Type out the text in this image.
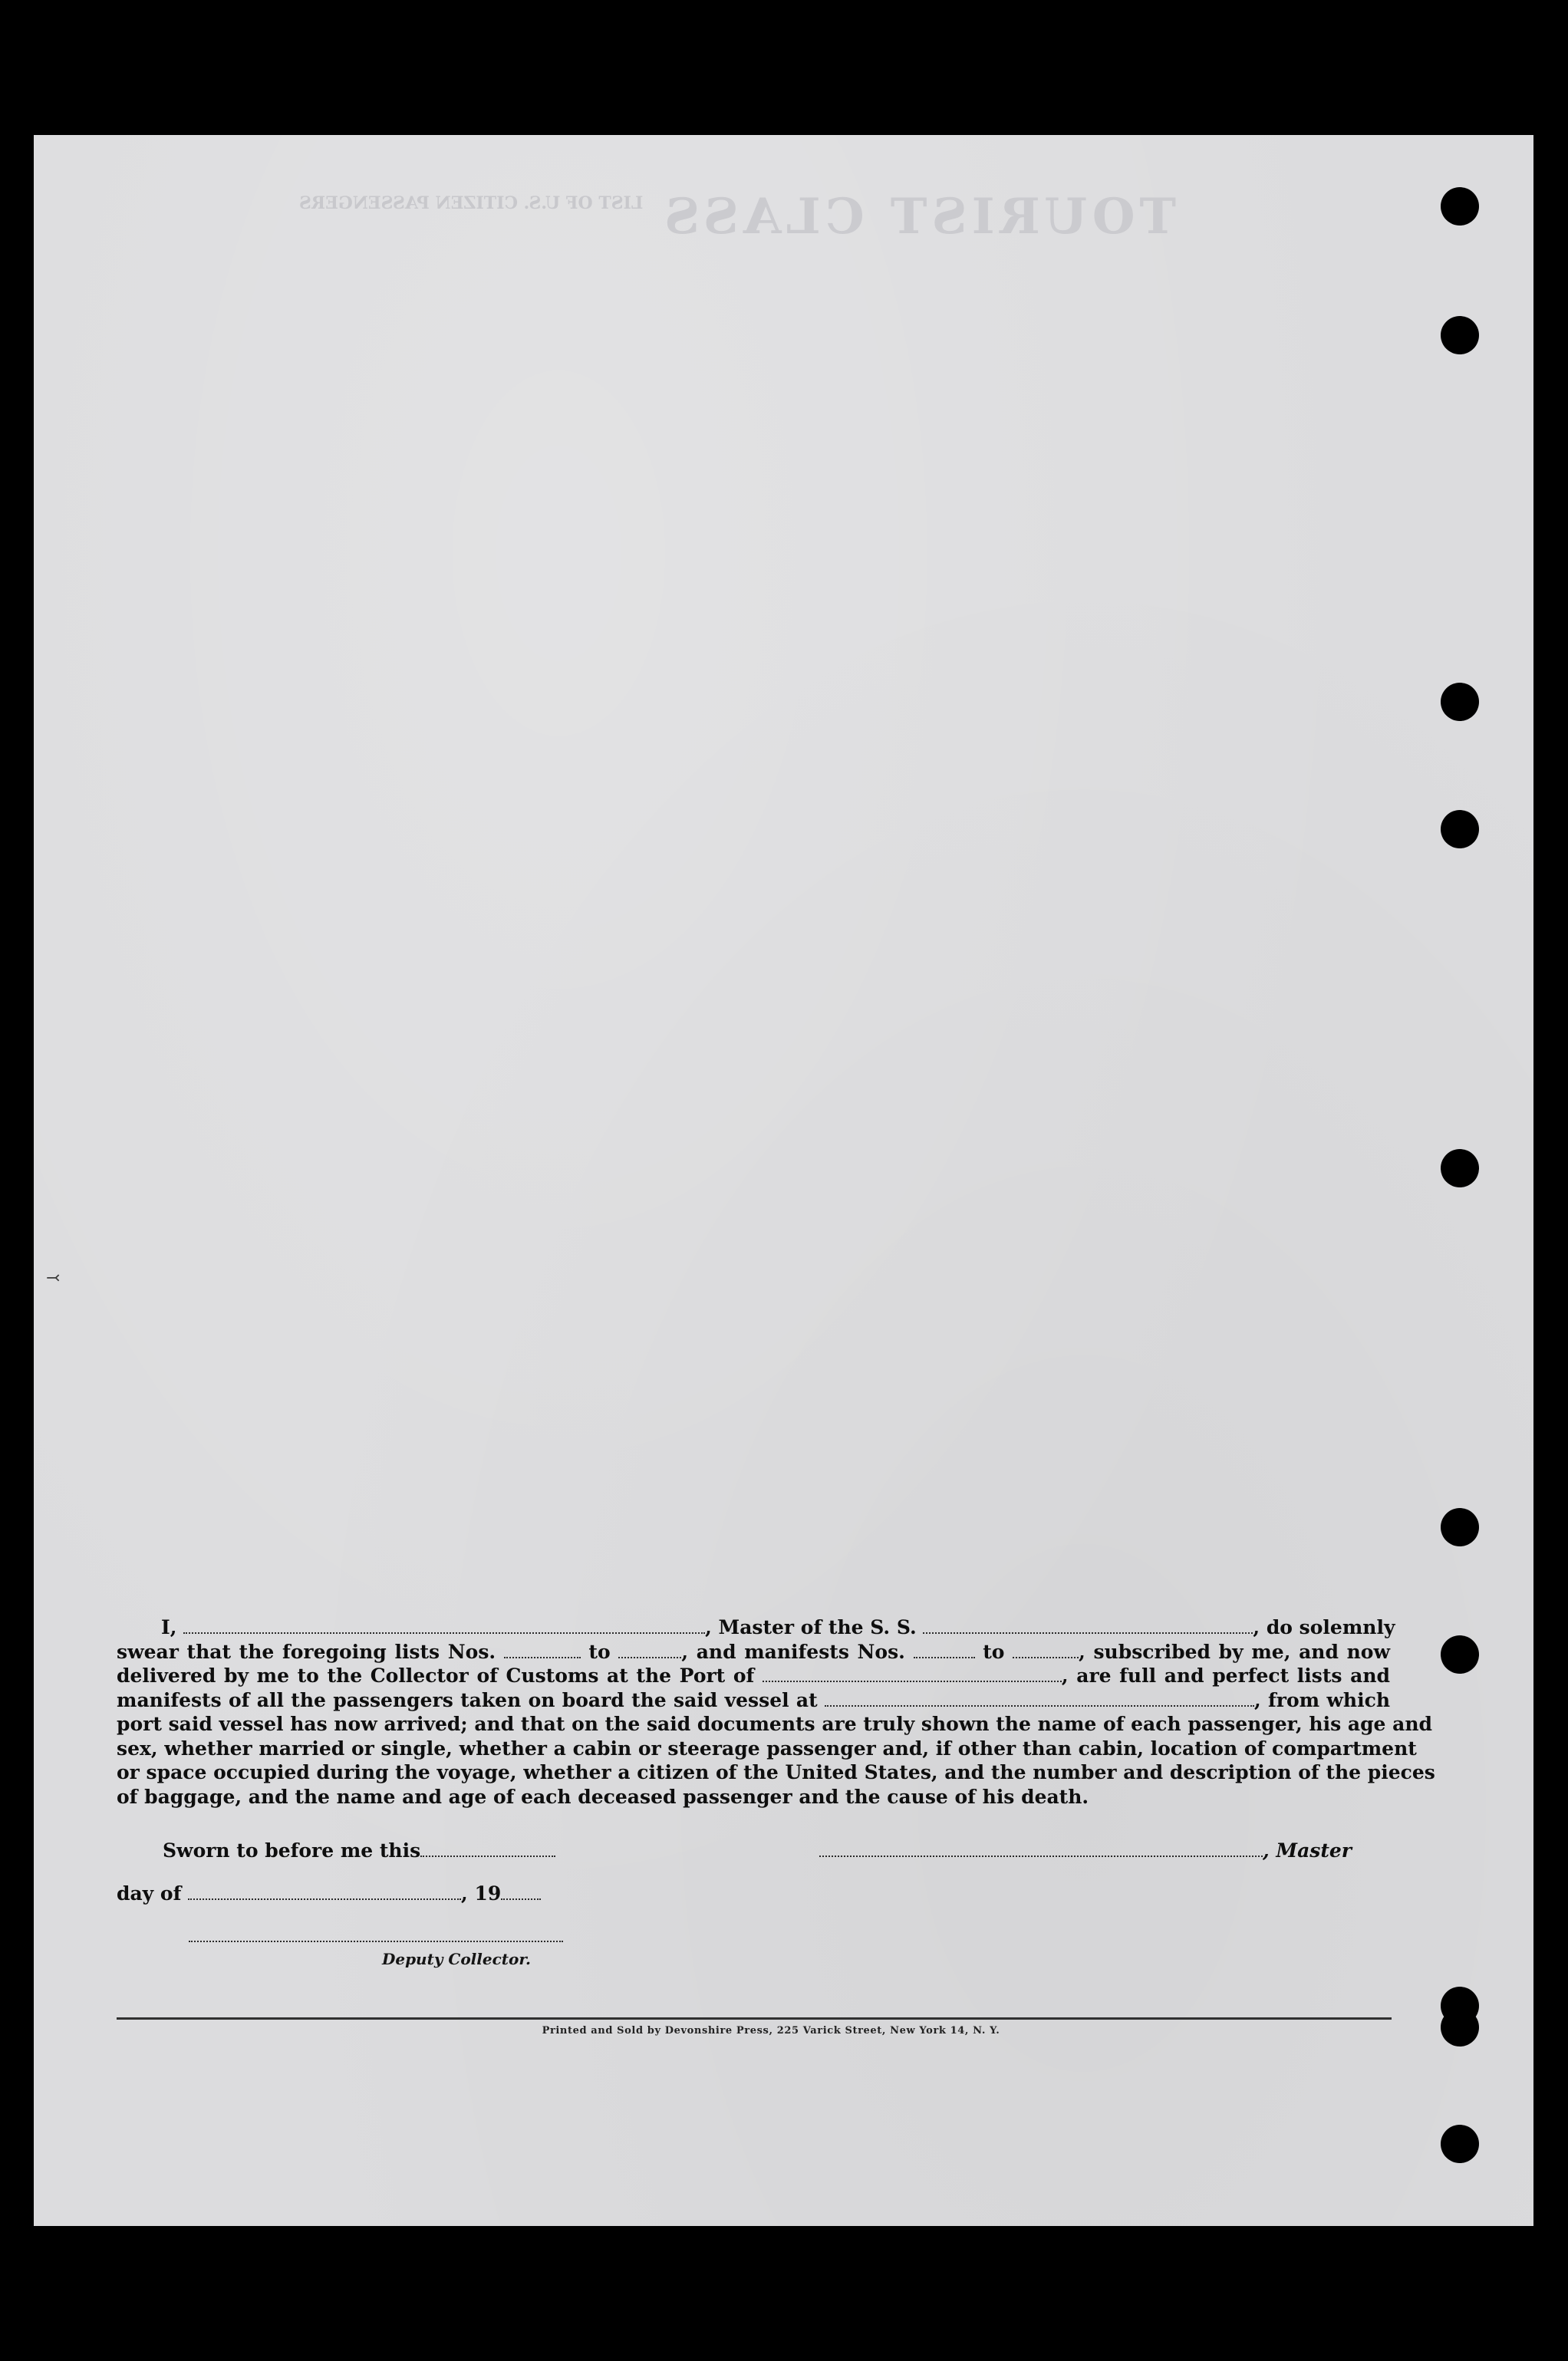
TOURIST CLASS
LIST OF U.S. CITIZEN PASSENGERS
⤙
I,	, Master of the S. S.	, do solemnly
swear that the foregoing lists Nos.	to	, and manifests Nos.	to	, subscribed by me, and now
delivered by me to the Collector of Customs at the Port of	, are full and perfect lists and
manifests of all the passengers taken on board the said vessel at	, from which
port said vessel has now arrived; and that on the said documents are truly shown the name of each passenger, his age and
sex, whether married or single, whether a cabin or steerage passenger and, if other than cabin, location of compartment
or space occupied during the voyage, whether a citizen of the United States, and the number and description of the pieces
of baggage, and the name and age of each deceased passenger and the cause of his death.
Sworn to before me this	, Master
day of	, 19
Deputy Collector.
Printed and Sold by Devonshire Press, 225 Varick Street, New York 14, N. Y.
